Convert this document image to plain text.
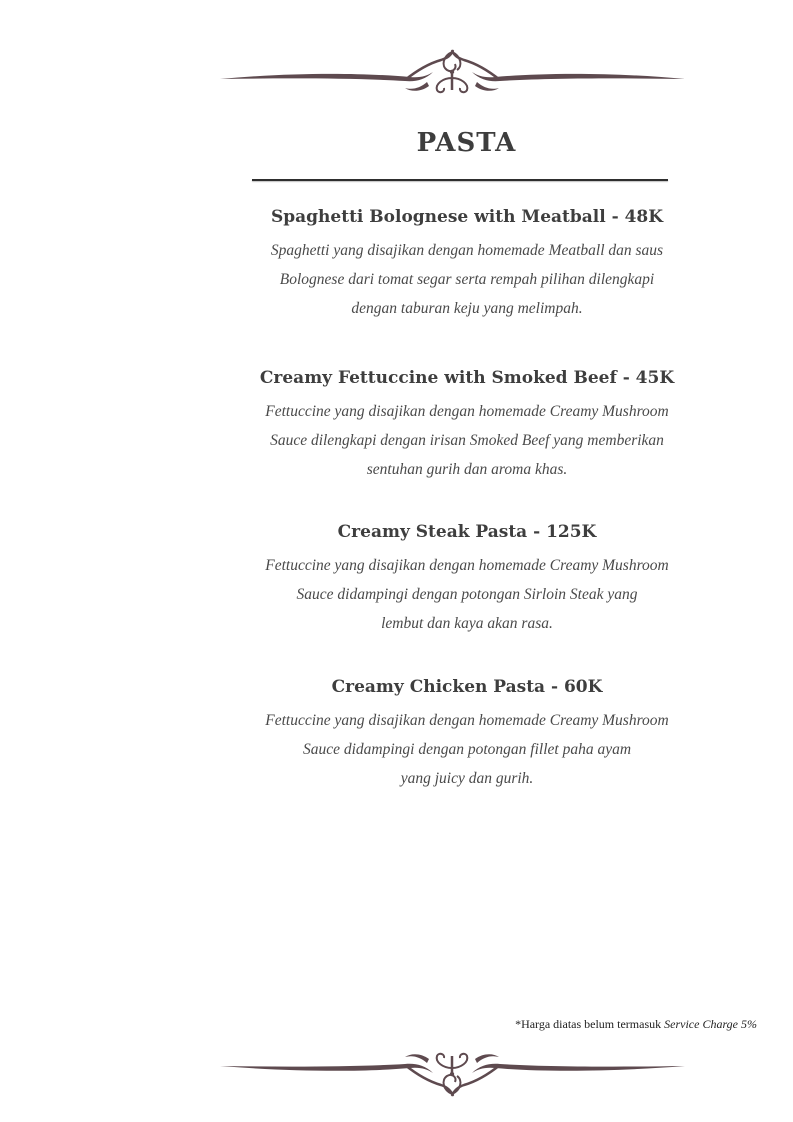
PASTA
Spaghetti Bolognese with Meatball - 48K
Spaghetti yang disajikan dengan homemade Meatball dan saus
Bolognese dari tomat segar serta rempah pilihan dilengkapi
dengan taburan keju yang melimpah.
Creamy Fettuccine with Smoked Beef - 45K
Fettuccine yang disajikan dengan homemade Creamy Mushroom
Sauce dilengkapi dengan irisan Smoked Beef yang memberikan
sentuhan gurih dan aroma khas.
Creamy Steak Pasta - 125K
Fettuccine yang disajikan dengan homemade Creamy Mushroom
Sauce didampingi dengan potongan Sirloin Steak yang
lembut dan kaya akan rasa.
Creamy Chicken Pasta - 60K
Fettuccine yang disajikan dengan homemade Creamy Mushroom
Sauce didampingi dengan potongan fillet paha ayam
yang juicy dan gurih.
*Harga diatas belum termasuk Service Charge 5%
